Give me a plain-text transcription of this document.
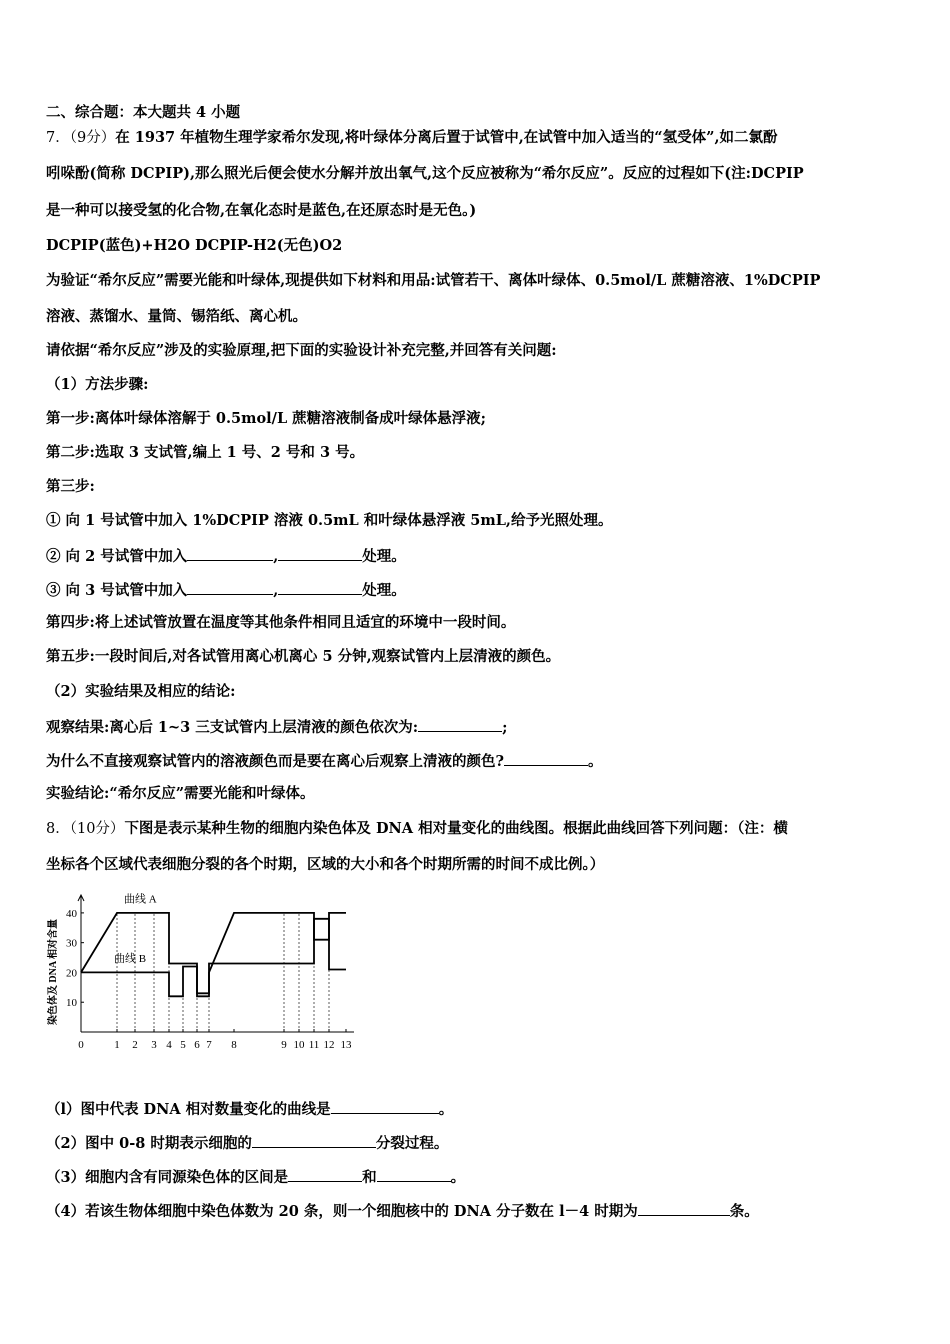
二、综合题：本大题共 4 小题
7．（9分）在 1937 年植物生理学家希尔发现,将叶绿体分离后置于试管中,在试管中加入适当的“氢受体”,如二氯酚
吲哚酚(简称 DCPIP),那么照光后便会使水分解并放出氧气,这个反应被称为“希尔反应”。反应的过程如下(注:DCPIP
是一种可以接受氢的化合物,在氧化态时是蓝色,在还原态时是无色。)
DCPIP(蓝色)+H2O DCPIP-H2(无色)O2
为验证“希尔反应”需要光能和叶绿体,现提供如下材料和用品:试管若干、离体叶绿体、0.5mol/L 蔗糖溶液、1%DCPIP
溶液、蒸馏水、量筒、锡箔纸、离心机。
请依据“希尔反应”涉及的实验原理,把下面的实验设计补充完整,并回答有关问题:
（1）方法步骤:
第一步:离体叶绿体溶解于 0.5mol/L 蔗糖溶液制备成叶绿体悬浮液;
第二步:选取 3 支试管,编上 1 号、2 号和 3 号。
第三步:
① 向 1 号试管中加入 1%DCPIP 溶液 0.5mL 和叶绿体悬浮液 5mL,给予光照处理。
② 向 2 号试管中加入	,	处理。
③ 向 3 号试管中加入	,	处理。
第四步:将上述试管放置在温度等其他条件相同且适宜的环境中一段时间。
第五步:一段时间后,对各试管用离心机离心 5 分钟,观察试管内上层清液的颜色。
（2）实验结果及相应的结论:
观察结果:离心后 1~3 三支试管内上层清液的颜色依次为:	;
为什么不直接观察试管内的溶液颜色而是要在离心后观察上清液的颜色?	。
实验结论:“希尔反应”需要光能和叶绿体。
8．（10分）下图是表示某种生物的细胞内染色体及 DNA 相对量变化的曲线图。根据此曲线回答下列问题：（注：横
坐标各个区域代表细胞分裂的各个时期，区域的大小和各个时期所需的时间不成比例。）
染色体及 DNA 相对含量
曲线 A
曲线 B
10
20
30
40
0	1 2 3 4 5 6 7 8	9 10 11 12 13
（l）图中代表 DNA 相对数量变化的曲线是	。
（2）图中 0-8 时期表示细胞的	分裂过程。
（3）细胞内含有同源染色体的区间是	和	。
（4）若该生物体细胞中染色体数为 20 条，则一个细胞核中的 DNA 分子数在 l－4 时期为	条。
